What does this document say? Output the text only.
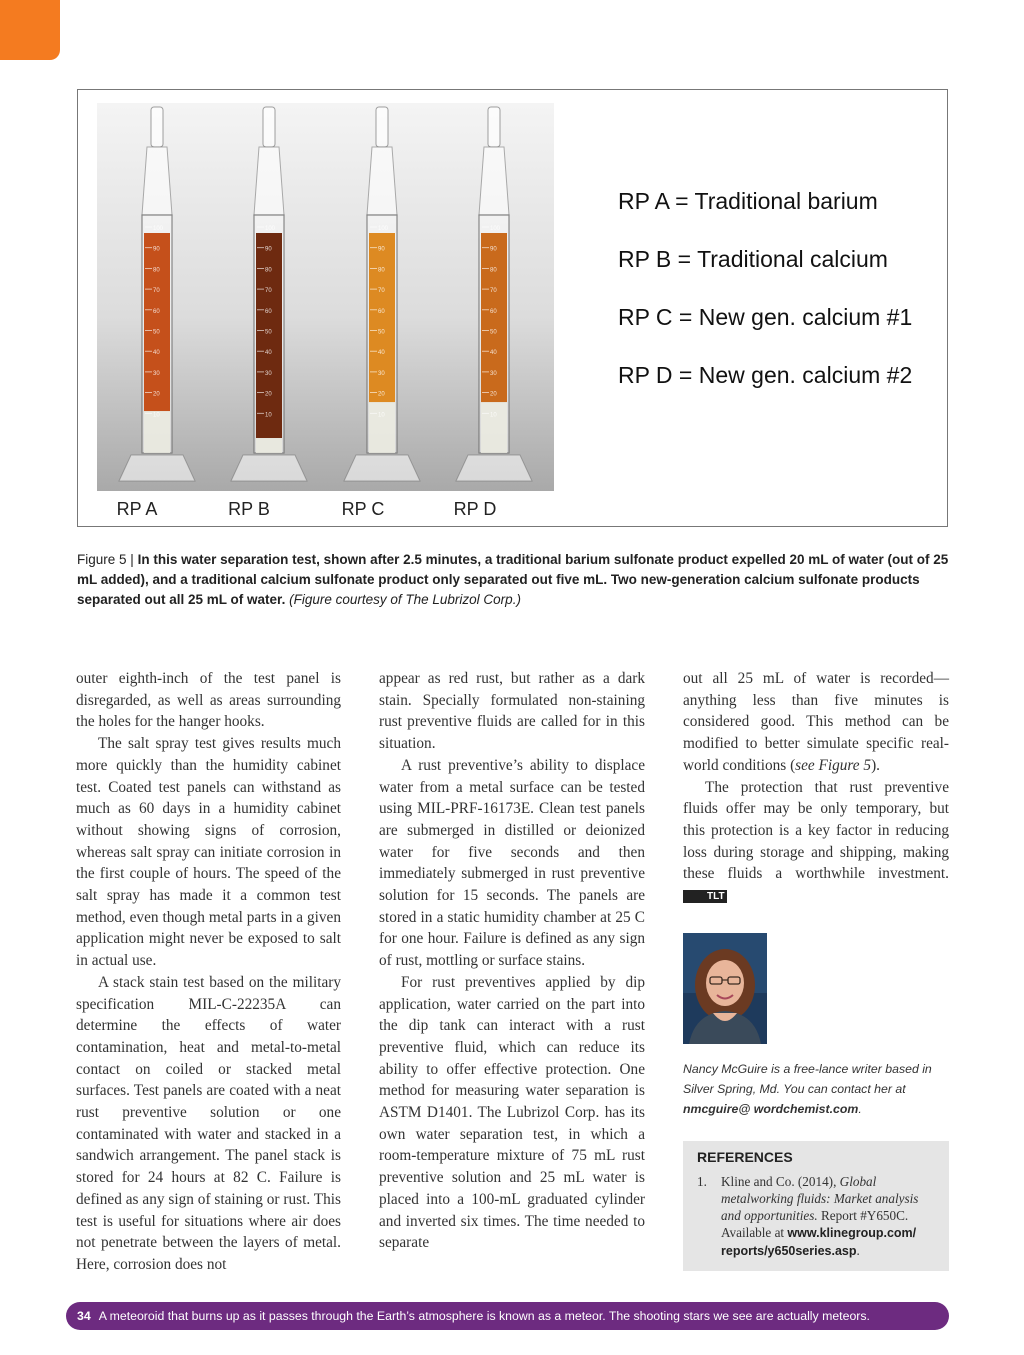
100
90
80
70
60
50
40
30
20
10
100
90
80
70
60
50
40
30
20
10
100
90
80
70
60
50
40
30
20
10
100
90
80
70
60
50
40
30
20
10
RP A	RP B	RP C	RP D
RP A = Traditional barium
RP B = Traditional calcium
RP C = New gen. calcium #1
RP D = New gen. calcium #2
Figure 5 | In this water separation test, shown after 2.5 minutes, a traditional barium sulfonate product expelled 20 mL of water (out of 25 mL added), and a traditional calcium sulfonate product only separated out five mL. Two new-generation calcium sulfonate products separated out all 25 mL of water. (Figure courtesy of The Lubrizol Corp.)

outer eighth-inch of the test panel is disregarded, as well as areas surrounding the holes for the hanger hooks.

The salt spray test gives results much more quickly than the humidity cabinet test. Coated test panels can withstand as much as 60 days in a humidity cabinet without showing signs of corrosion, whereas salt spray can initiate corrosion in the first couple of hours. The speed of the salt spray has made it a common test method, even though metal parts in a given application might never be exposed to salt in actual use.

A stack stain test based on the military specification MIL-C-22235A can determine the effects of water contamination, heat and metal-to-metal contact on coiled or stacked metal surfaces. Test panels are coated with a neat rust preventive solution or one contaminated with water and stacked in a sandwich arrangement. The panel stack is stored for 24 hours at 82 C. Failure is defined as any sign of staining or rust. This test is useful for situations where air does not penetrate between the layers of metal. Here, corrosion does not

appear as red rust, but rather as a dark stain. Specially formulated non-staining rust preventive fluids are called for in this situation.

A rust preventive’s ability to displace water from a metal surface can be tested using MIL-PRF-16173E. Clean test panels are submerged in distilled or deionized water for five seconds and then immediately submerged in rust preventive solution for 15 seconds. The panels are stored in a static humidity chamber at 25 C for one hour. Failure is defined as any sign of rust, mottling or surface stains.

For rust preventives applied by dip application, water carried on the part into the dip tank can interact with a rust preventive fluid, which can reduce its ability to offer effective protection. One method for measuring water separation is ASTM D1401. The Lubrizol Corp. has its own water separation test, in which a room-temperature mixture of 75 mL rust preventive solution and 25 mL water is placed into a 100-mL graduated cylinder and inverted six times. The time needed to separate

out all 25 mL of water is recorded—anything less than five minutes is considered good. This method can be modified to better simulate specific real-world conditions (see Figure 5).

The protection that rust preventive fluids offer may be only temporary, but this protection is a key factor in reducing loss during storage and shipping, making these fluids a worthwhile investment. TLT

Nancy McGuire is a free-lance writer based in Silver Spring, Md. You can contact her at nmcguire@ wordchemist.com.
REFERENCES
1. Kline and Co. (2014), Global metalworking fluids: Market analysis and opportunities. Report #Y650C. Available at www.klinegroup.com/ reports/y650series.asp.
34 A meteoroid that burns up as it passes through the Earth’s atmosphere is known as a meteor. The shooting stars we see are actually meteors.
